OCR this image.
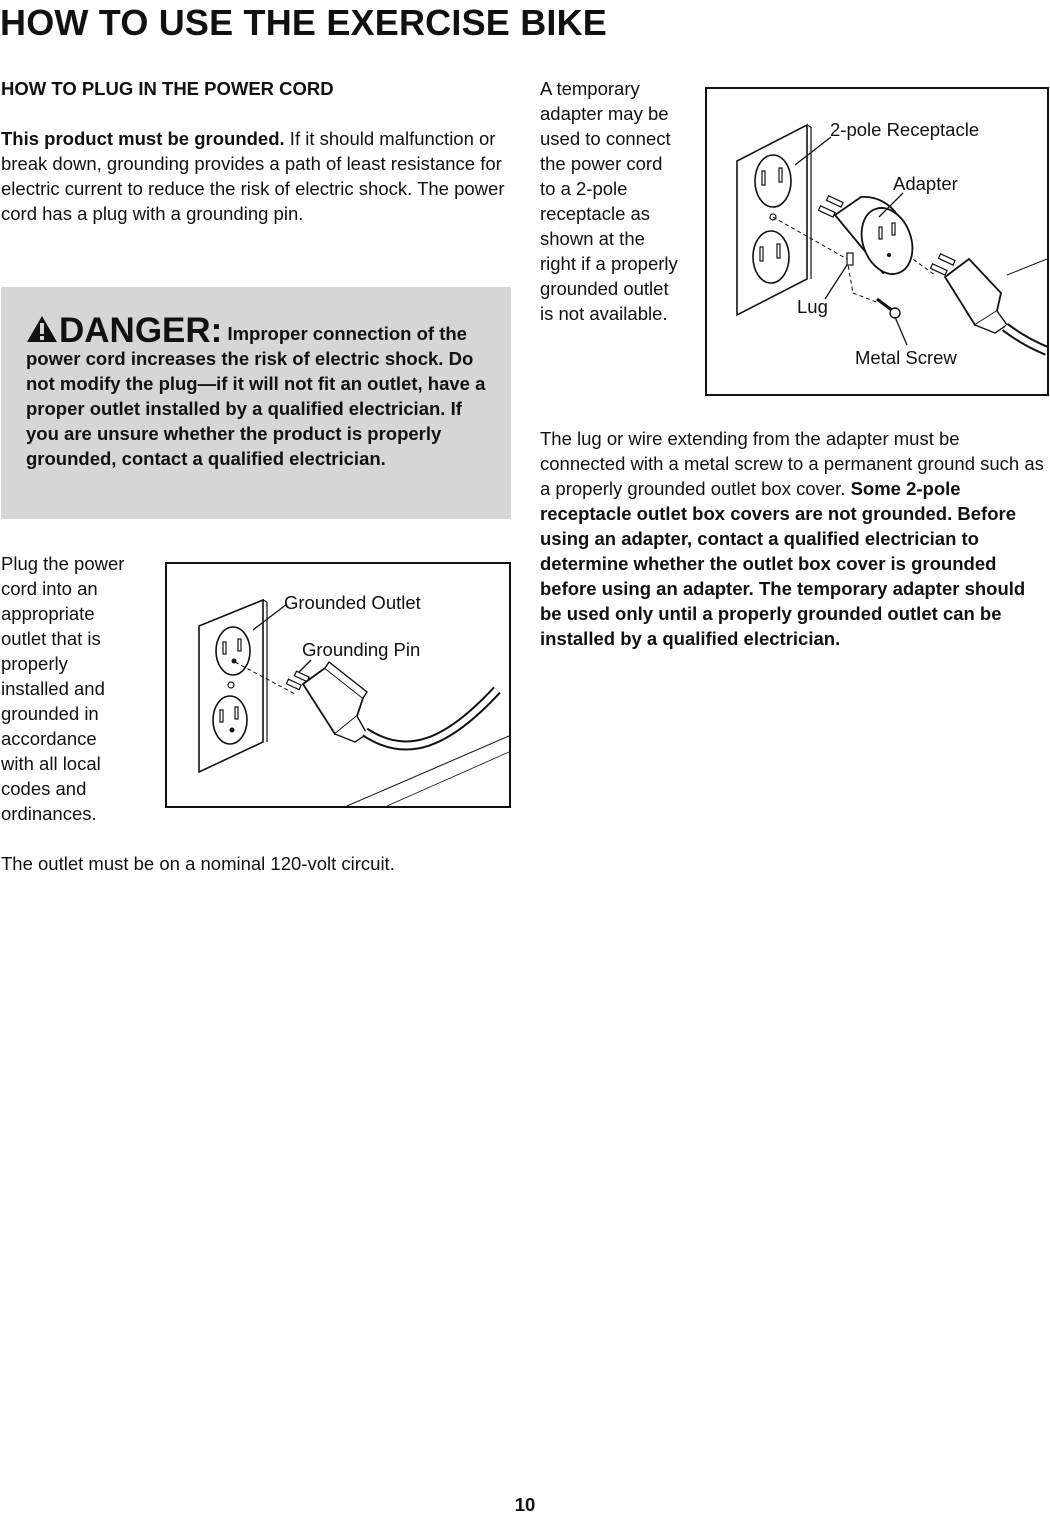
HOW TO USE THE EXERCISE BIKE
HOW TO PLUG IN THE POWER CORD
This product must be grounded. If it should malfunction or break down, grounding provides a path of least resistance for electric current to reduce the risk of electric shock. The power cord has a plug with a grounding pin.
DANGER: Improper connection of the power cord increases the risk of electric shock. Do not modify the plug—if it will not fit an outlet, have a proper outlet installed by a qualified electrician. If you are unsure whether the product is properly grounded, contact a qualified electrician.
Plug the power cord into an appropriate outlet that is properly installed and grounded in accordance with all local codes and ordinances.
The outlet must be on a nominal 120-volt circuit.
Grounded Outlet
Grounding Pin
A temporary adapter may be used to connect the power cord to a 2-pole receptacle as shown at the right if a properly grounded outlet is not available.
2-pole Receptacle
Adapter
Lug
Metal Screw
The lug or wire extending from the adapter must be connected with a metal screw to a permanent ground such as a properly grounded outlet box cover. Some 2-pole receptacle outlet box covers are not grounded. Before using an adapter, contact a qualified electrician to determine whether the outlet box cover is grounded before using an adapter. The temporary adapter should be used only until a properly grounded outlet can be installed by a qualified electrician.
10
